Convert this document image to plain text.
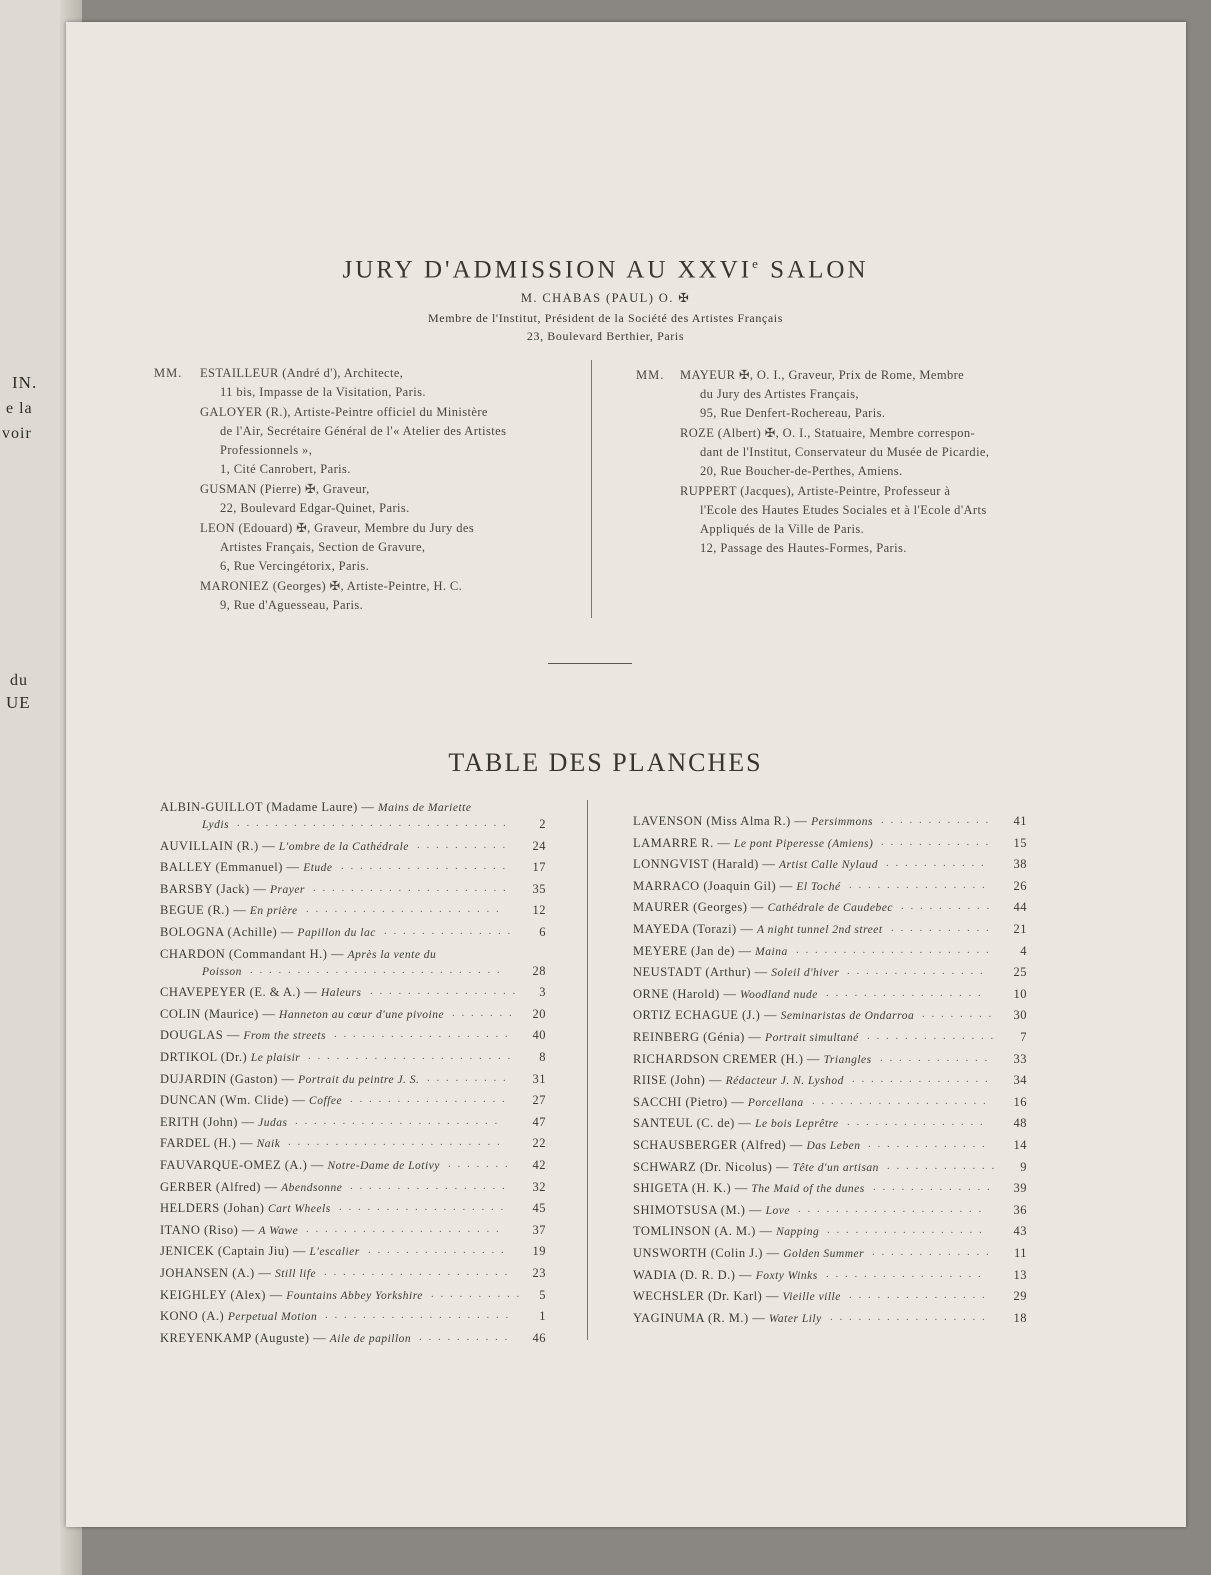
IN.
e la
voir
du
UE
JURY D'ADMISSION AU XXVIe SALON
M. CHABAS (PAUL) O. ✠
Membre de l'Institut, Président de la Société des Artistes Français
23, Boulevard Berthier, Paris
MM. ESTAILLEUR (André d'), Architecte,
11 bis, Impasse de la Visitation, Paris.
GALOYER (R.), Artiste-Peintre officiel du Ministère
de l'Air, Secrétaire Général de l'« Atelier des Artistes
Professionnels »,
1, Cité Canrobert, Paris.
GUSMAN (Pierre) ✠, Graveur,
22, Boulevard Edgar-Quinet, Paris.
LEON (Edouard) ✠, Graveur, Membre du Jury des
Artistes Français, Section de Gravure,
6, Rue Vercingétorix, Paris.
MARONIEZ (Georges) ✠, Artiste-Peintre, H. C.
9, Rue d'Aguesseau, Paris.
MM. MAYEUR ✠, O. I., Graveur, Prix de Rome, Membre
du Jury des Artistes Français,
95, Rue Denfert-Rochereau, Paris.
ROZE (Albert) ✠, O. I., Statuaire, Membre correspon-
dant de l'Institut, Conservateur du Musée de Picardie,
20, Rue Boucher-de-Perthes, Amiens.
RUPPERT (Jacques), Artiste-Peintre, Professeur à
l'Ecole des Hautes Etudes Sociales et à l'Ecole d'Arts
Appliqués de la Ville de Paris.
12, Passage des Hautes-Formes, Paris.
TABLE DES PLANCHES
ALBIN-GUILLOT (Madame Laure) — Mains de Mariette
Lydis	2
. . . . . . . . . . . . . . . . . . . . . . . . . . . . .
AUVILLAIN (R.) — L'ombre de la Cathédrale	24
. . . . . . . . . .
BALLEY (Emmanuel) — Etude	17
. . . . . . . . . . . . . . . . . .
BARSBY (Jack) — Prayer	35
. . . . . . . . . . . . . . . . . . . . .
BEGUE (R.) — En prière	12
. . . . . . . . . . . . . . . . . . . . .
BOLOGNA (Achille) — Papillon du lac	6
. . . . . . . . . . . . . .
CHARDON (Commandant H.) — Après la vente du
Poisson	28
. . . . . . . . . . . . . . . . . . . . . . . . . . .
CHAVEPEYER (E. & A.) — Haleurs	3
. . . . . . . . . . . . . . . .
COLIN (Maurice) — Hanneton au cœur d'une pivoine	20
. . . . . . .
DOUGLAS — From the streets	40
. . . . . . . . . . . . . . . . . . .
DRTIKOL (Dr.) Le plaisir	8
. . . . . . . . . . . . . . . . . . . . . .
DUJARDIN (Gaston) — Portrait du peintre J. S.	31
. . . . . . . . .
DUNCAN (Wm. Clide) — Coffee	27
. . . . . . . . . . . . . . . . .
ERITH (John) — Judas	47
. . . . . . . . . . . . . . . . . . . . . .
FARDEL (H.) — Naik	22
. . . . . . . . . . . . . . . . . . . . . . .
FAUVARQUE-OMEZ (A.) — Notre-Dame de Lotivy	42
. . . . . . .
GERBER (Alfred) — Abendsonne	32
. . . . . . . . . . . . . . . . .
HELDERS (Johan) Cart Wheels	45
. . . . . . . . . . . . . . . . . .
ITANO (Riso) — A Wawe	37
. . . . . . . . . . . . . . . . . . . . .
JENICEK (Captain Jiu) — L'escalier	19
. . . . . . . . . . . . . . .
JOHANSEN (A.) — Still life	23
. . . . . . . . . . . . . . . . . . . .
KEIGHLEY (Alex) — Fountains Abbey Yorkshire	5
. . . . . . . . . .
KONO (A.) Perpetual Motion	1
. . . . . . . . . . . . . . . . . . . .
KREYENKAMP (Auguste) — Aile de papillon	46
. . . . . . . . . .
LAVENSON (Miss Alma R.) — Persimmons	41
. . . . . . . . . . . .
LAMARRE R. — Le pont Piperesse (Amiens)	15
. . . . . . . . . . . .
LONNGVIST (Harald) — Artist Calle Nylaud	38
. . . . . . . . . . .
MARRACO (Joaquin Gil) — El Toché	26
. . . . . . . . . . . . . . .
MAURER (Georges) — Cathédrale de Caudebec	44
. . . . . . . . . .
MAYEDA (Torazi) — A night tunnel 2nd street	21
. . . . . . . . . . .
MEYERE (Jan de) — Maina	4
. . . . . . . . . . . . . . . . . . . . .
NEUSTADT (Arthur) — Soleil d'hiver	25
. . . . . . . . . . . . . . .
ORNE (Harold) — Woodland nude	10
. . . . . . . . . . . . . . . . .
ORTIZ ECHAGUE (J.) — Seminaristas de Ondarroa	30
. . . . . . . .
REINBERG (Génia) — Portrait simultané	7
. . . . . . . . . . . . . .
RICHARDSON CREMER (H.) — Triangles	33
. . . . . . . . . . . .
RIISE (John) — Rédacteur J. N. Lyshod	34
. . . . . . . . . . . . . . .
SACCHI (Pietro) — Porcellana	16
. . . . . . . . . . . . . . . . . . .
SANTEUL (C. de) — Le bois Leprêtre	48
. . . . . . . . . . . . . . .
SCHAUSBERGER (Alfred) — Das Leben	14
. . . . . . . . . . . . .
SCHWARZ (Dr. Nicolus) — Tête d'un artisan	9
. . . . . . . . . . . .
SHIGETA (H. K.) — The Maid of the dunes	39
. . . . . . . . . . . . .
SHIMOTSUSA (M.) — Love	36
. . . . . . . . . . . . . . . . . . . .
TOMLINSON (A. M.) — Napping	43
. . . . . . . . . . . . . . . . .
UNSWORTH (Colin J.) — Golden Summer	11
. . . . . . . . . . . . .
WADIA (D. R. D.) — Foxty Winks	13
. . . . . . . . . . . . . . . . .
WECHSLER (Dr. Karl) — Vieille ville	29
. . . . . . . . . . . . . . .
YAGINUMA (R. M.) — Water Lily	18
. . . . . . . . . . . . . . . . .
